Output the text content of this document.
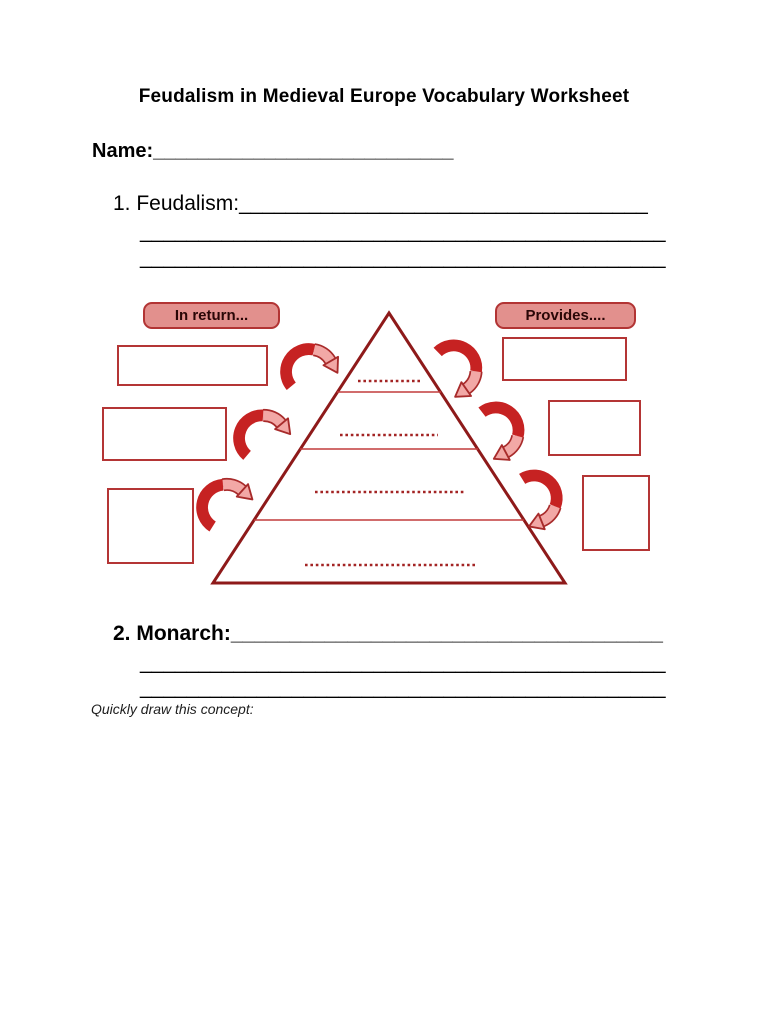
Feudalism in Medieval Europe Vocabulary Worksheet
Name:___________________________
1. Feudalism:___________________________________
_____________________________________________
_____________________________________________
In return...	Provides....
2. Monarch:_____________________________________
_____________________________________________
_____________________________________________
Quickly draw this concept:
